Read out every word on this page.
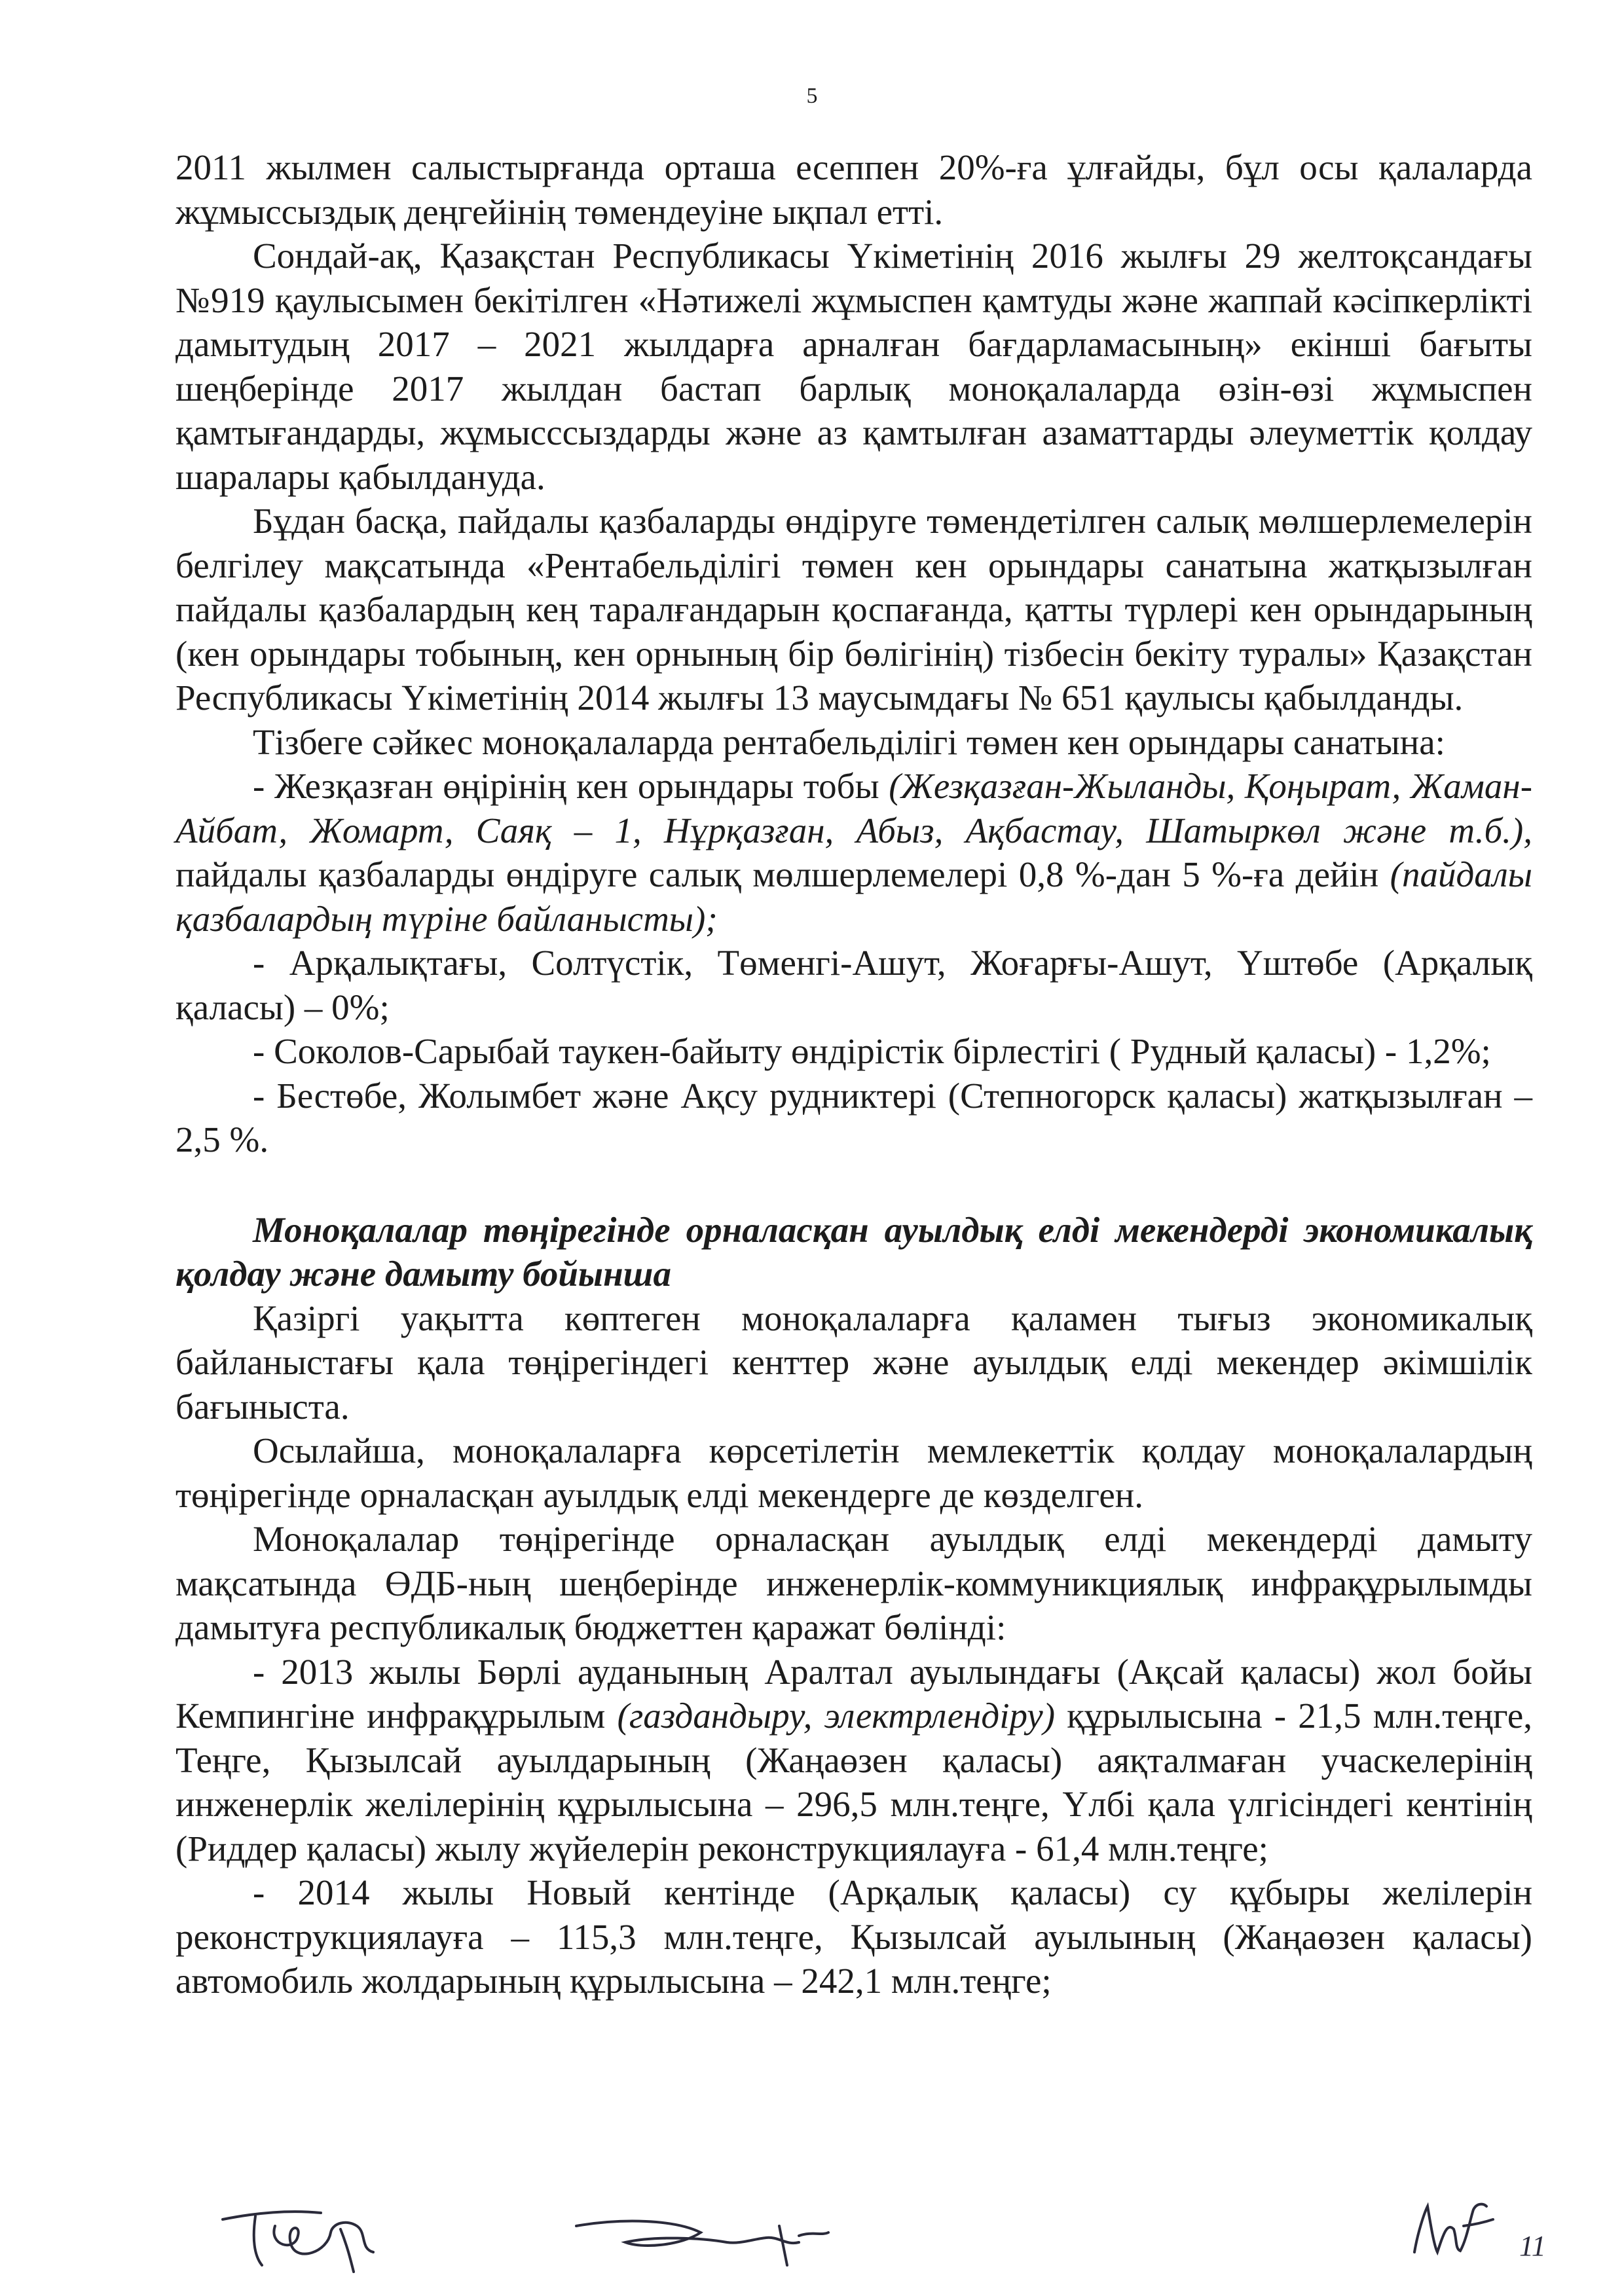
5

2011 жылмен салыстырғанда орташа есеппен 20%-ға ұлғайды, бұл осы қалаларда жұмыссыздық деңгейінің төмендеуіне ықпал етті.

Сондай-ақ, Қазақстан Республикасы Үкіметінің 2016 жылғы 29 желтоқсандағы №919 қаулысымен бекітілген «Нәтижелі жұмыспен қамтуды және жаппай кәсіпкерлікті дамытудың 2017 – 2021 жылдарға арналған бағдарламасының» екінші бағыты шеңберінде 2017 жылдан бастап барлық моноқалаларда өзін-өзі жұмыспен қамтығандарды, жұмысссыздарды және аз қамтылған азаматтарды әлеуметтік қолдау шаралары қабылдануда.

Бұдан басқа, пайдалы қазбаларды өндіруге төмендетілген салық мөлшерлемелерін белгілеу мақсатында «Рентабельділігі төмен кен орындары санатына жатқызылған пайдалы қазбалардың кең таралғандарын қоспағанда, қатты түрлері кен орындарының (кен орындары тобының, кен орнының бір бөлігінің) тізбесін бекіту туралы» Қазақстан Республикасы Үкіметінің 2014 жылғы 13 маусымдағы № 651 қаулысы қабылданды.

Тізбеге сәйкес моноқалаларда рентабельділігі төмен кен орындары санатына:

- Жезқазған өңірінің кен орындары тобы (Жезқазған-Жыланды, Қоңырат, Жаман-Айбат, Жомарт, Саяқ – 1, Нұрқазған, Абыз, Ақбастау, Шатыркөл және т.б.), пайдалы қазбаларды өндіруге салық мөлшерлемелері 0,8 %-дан 5 %-ға дейін (пайдалы қазбалардың түріне байланысты);

- Арқалықтағы, Солтүстік, Төменгі-Ашут, Жоғарғы-Ашут, Үштөбе (Арқалық қаласы) – 0%;

- Соколов-Сарыбай таукен-байыту өндірістік бірлестігі ( Рудный қаласы) - 1,2%;

- Бестөбе, Жолымбет және Ақсу рудниктері (Степногорск қаласы) жатқызылған – 2,5 %.

Моноқалалар төңірегінде орналасқан ауылдық елді мекендерді экономикалық қолдау және дамыту бойынша

Қазіргі уақытта көптеген моноқалаларға қаламен тығыз экономикалық байланыстағы қала төңірегіндегі кенттер және ауылдық елді мекендер әкімшілік бағыныста.

Осылайша, моноқалаларға көрсетілетін мемлекеттік қолдау моноқалалардың төңірегінде орналасқан ауылдық елді мекендерге де көзделген.

Моноқалалар төңірегінде орналасқан ауылдық елді мекендерді дамыту мақсатында ӨДБ-ның шеңберінде инженерлік-коммуникциялық инфрақұрылымды дамытуға республикалық бюджеттен қаражат бөлінді:

- 2013 жылы Бөрлі ауданының Аралтал ауылындағы (Ақсай қаласы) жол бойы Кемпингіне инфрақұрылым (газдандыру, электрлендіру) құрылысына - 21,5 млн.теңге, Теңге, Қызылсай ауылдарының (Жаңаөзен қаласы) аяқталмаған учаскелерінің инженерлік желілерінің құрылысына – 296,5 млн.теңге, Үлбі қала үлгісіндегі кентінің (Риддер қаласы) жылу жүйелерін реконструкциялауға - 61,4 млн.теңге;

- 2014 жылы Новый кентінде (Арқалық қаласы) су құбыры желілерін реконструкциялауға – 115,3 млн.теңге, Қызылсай ауылының (Жаңаөзен қаласы) автомобиль жолдарының құрылысына – 242,1 млн.теңге;

11
